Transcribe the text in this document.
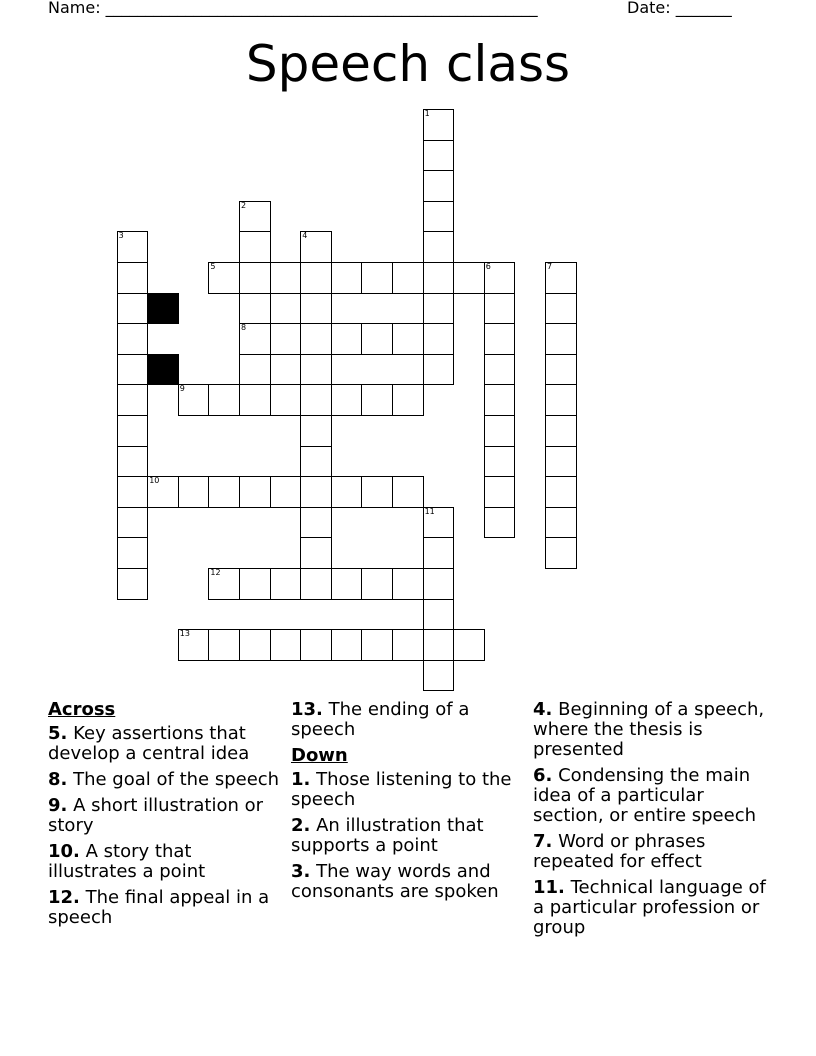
Name: ______________________________________________________	Date: _______
Speech class
1
2
8
3	4
5	6	7
9
10
11
12
13
Across
5. Key assertions that develop a central idea
8. The goal of the speech
9. A short illustration or story
10. A story that illustrates a point
12. The final appeal in a speech
13. The ending of a speech
Down
1. Those listening to the speech
2. An illustration that supports a point
3. The way words and consonants are spoken
4. Beginning of a speech, where the thesis is presented
6. Condensing the main idea of a particular section, or entire speech
7. Word or phrases repeated for effect
11. Technical language of a particular profession or group
